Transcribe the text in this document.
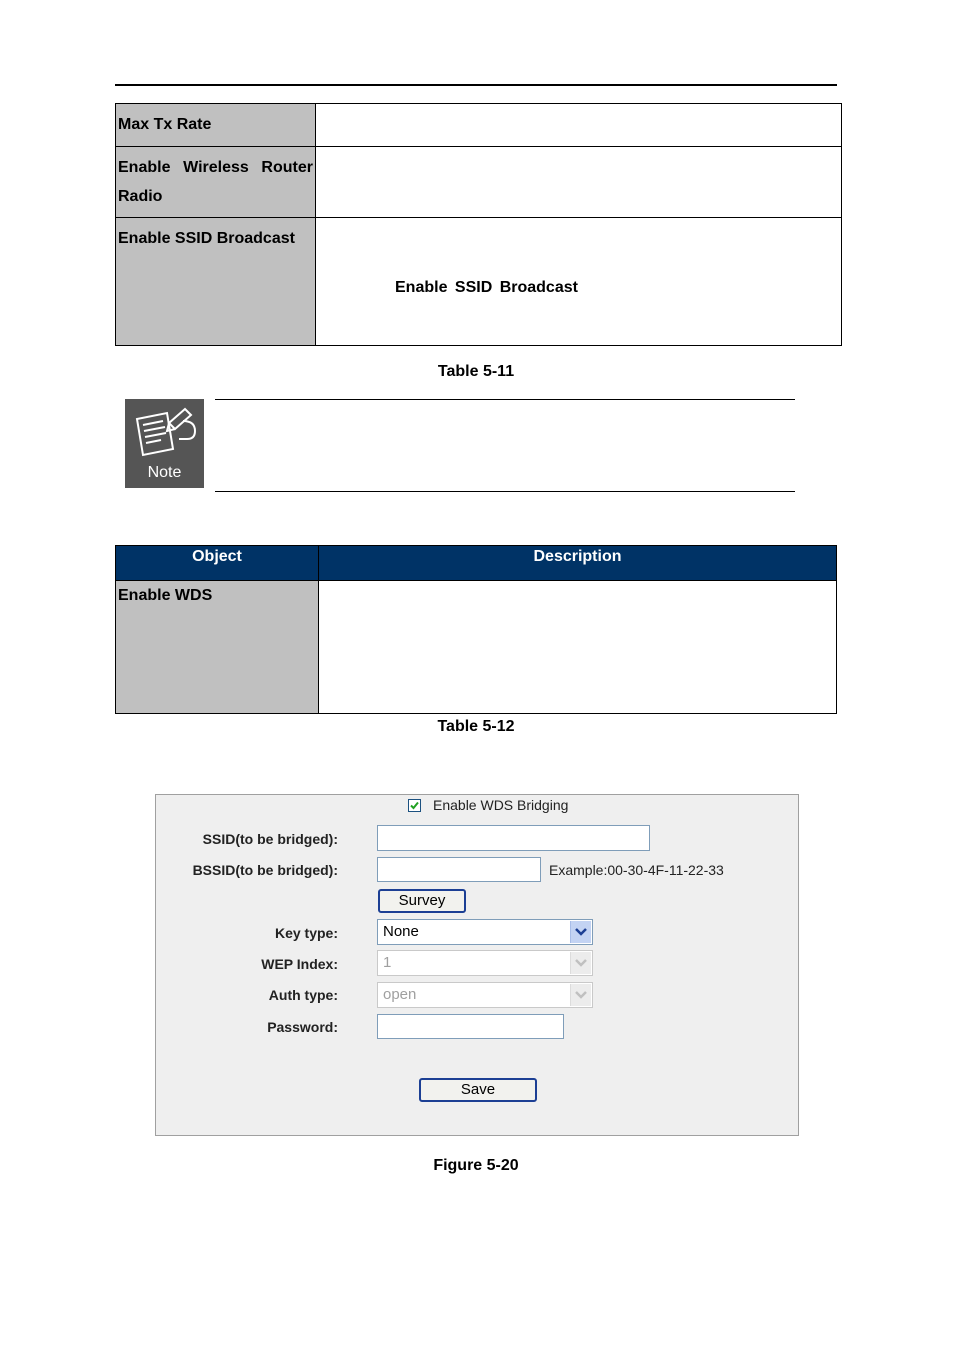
Max Tx Rate	

Enable Wireless Router
Radio	

Enable SSID Broadcast	
Enable SSID Broadcast
Table 5-11
Note
Object	Description
Enable WDS	
Table 5-12
Enable WDS Bridging
SSID(to be bridged):
BSSID(to be bridged):	Example:00-30-4F-11-22-33
Survey
Key type:	None
WEP Index:	1
Auth type:	open
Password:
Save
Figure 5-20
